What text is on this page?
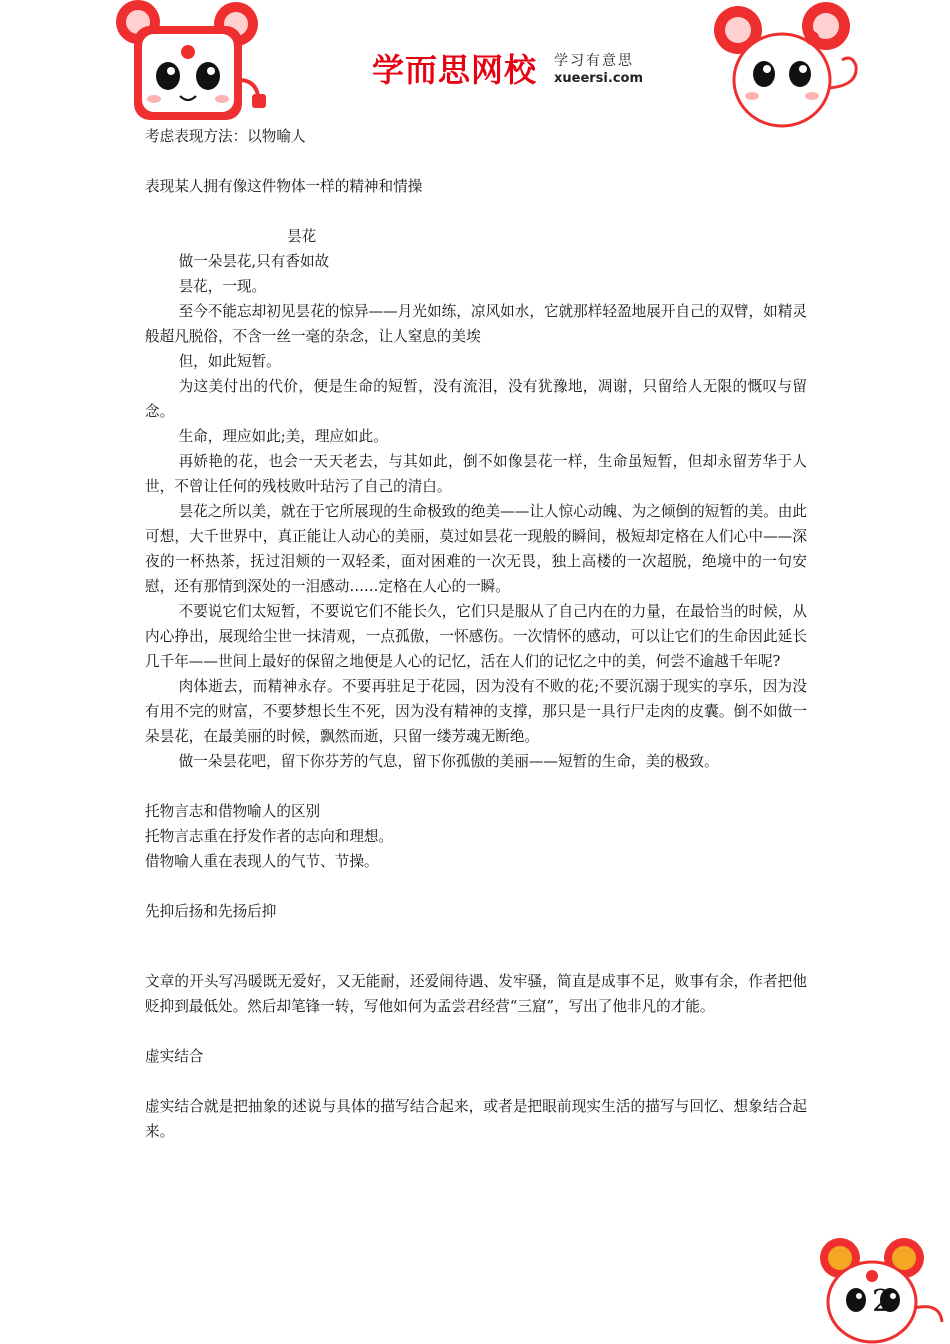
学而思网校 学习有意思
xueersi.com

考虑表现方法：以物喻人

表现某人拥有像这件物体一样的精神和情操

昙花

做一朵昙花,只有香如故

昙花，一现。

至今不能忘却初见昙花的惊异——月光如练，凉风如水，它就那样轻盈地展开自己的双臂，如精灵般超凡脱俗，不含一丝一毫的杂念，让人窒息的美埃

但，如此短暂。

为这美付出的代价，便是生命的短暂，没有流泪，没有犹豫地，凋谢，只留给人无限的慨叹与留念。

生命，理应如此;美，理应如此。

再娇艳的花，也会一天天老去，与其如此，倒不如像昙花一样，生命虽短暂，但却永留芳华于人世，不曾让任何的残枝败叶玷污了自己的清白。

昙花之所以美，就在于它所展现的生命极致的绝美——让人惊心动魄、为之倾倒的短暂的美。由此可想，大千世界中，真正能让人动心的美丽，莫过如昙花一现般的瞬间，极短却定格在人们心中——深夜的一杯热茶，抚过泪颊的一双轻柔，面对困难的一次无畏，独上高楼的一次超脱，绝境中的一句安慰，还有那情到深处的一泪感动……定格在人心的一瞬。

不要说它们太短暂，不要说它们不能长久，它们只是服从了自己内在的力量，在最恰当的时候，从内心挣出，展现给尘世一抹清观，一点孤傲，一怀感伤。一次情怀的感动，可以让它们的生命因此延长几千年——世间上最好的保留之地便是人心的记忆，活在人们的记忆之中的美，何尝不逾越千年呢?

肉体逝去，而精神永存。不要再驻足于花园，因为没有不败的花;不要沉溺于现实的享乐，因为没有用不完的财富，不要梦想长生不死，因为没有精神的支撑，那只是一具行尸走肉的皮囊。倒不如做一朵昙花，在最美丽的时候，飘然而逝，只留一缕芳魂无断绝。

做一朵昙花吧，留下你芬芳的气息，留下你孤傲的美丽——短暂的生命，美的极致。

托物言志和借物喻人的区别

托物言志重在抒发作者的志向和理想。

借物喻人重在表现人的气节、节操。

先抑后扬和先扬后抑

文章的开头写冯暖既无爱好，又无能耐，还爱闹待遇、发牢骚，简直是成事不足，败事有余，作者把他贬抑到最低处。然后却笔锋一转，写他如何为孟尝君经营“三窟”，写出了他非凡的才能。

虚实结合

虚实结合就是把抽象的述说与具体的描写结合起来，或者是把眼前现实生活的描写与回忆、想象结合起来。

2
